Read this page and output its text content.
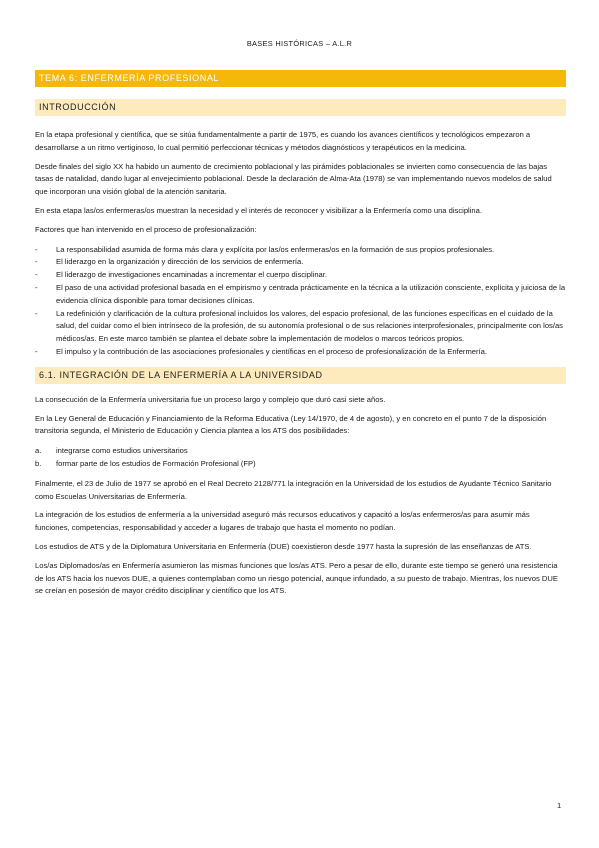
BASES HISTÓRICAS – A.L.R
TEMA 6: ENFERMERÍA PROFESIONAL
INTRODUCCIÓN

En la etapa profesional y científica, que se sitúa fundamentalmente a partir de 1975, es cuando los avances científicos y tecnológicos empezaron a desarrollarse a un ritmo vertiginoso, lo cual permitió perfeccionar técnicas y métodos diagnósticos y terapéuticos en la medicina.

Desde finales del siglo XX ha habido un aumento de crecimiento poblacional y las pirámides poblacionales se invierten como consecuencia de las bajas tasas de natalidad, dando lugar al envejecimiento poblacional. Desde la declaración de Alma-Ata (1978) se van implementando nuevos modelos de salud que incorporan una visión global de la atención sanitaria.

En esta etapa las/os enfermeras/os muestran la necesidad y el interés de reconocer y visibilizar a la Enfermería como una disciplina.

Factores que han intervenido en el proceso de profesionalización:

- La responsabilidad asumida de forma más clara y explícita por las/os enfermeras/os en la formación de sus propios profesionales.
- El liderazgo en la organización y dirección de los servicios de enfermería.
- El liderazgo de investigaciones encaminadas a incrementar el cuerpo disciplinar.
- El paso de una actividad profesional basada en el empirismo y centrada prácticamente en la técnica a la utilización consciente, explícita y juiciosa de la evidencia clínica disponible para tomar decisiones clínicas.
- La redefinición y clarificación de la cultura profesional incluidos los valores, del espacio profesional, de las funciones específicas en el cuidado de la salud, del cuidar como el bien intrínseco de la profesión, de su autonomía profesional o de sus relaciones interprofesionales, principalmente con los/as médicos/as. En este marco también se plantea el debate sobre la implementación de modelos o marcos teóricos propios.
- El impulso y la contribución de las asociaciones profesionales y científicas en el proceso de profesionalización de la Enfermería.
6.1. INTEGRACIÓN DE LA ENFERMERÍA A LA UNIVERSIDAD

La consecución de la Enfermería universitaria fue un proceso largo y complejo que duró casi siete años.

En la Ley General de Educación y Financiamiento de la Reforma Educativa (Ley 14/1970, de 4 de agosto), y en concreto en el punto 7 de la disposición transitoria segunda, el Ministerio de Educación y Ciencia plantea a los ATS dos posibilidades:

a. integrarse como estudios universitarios
b. formar parte de los estudios de Formación Profesional (FP)

Finalmente, el 23 de Julio de 1977 se aprobó en el Real Decreto 2128/771 la integración en la Universidad de los estudios de Ayudante Técnico Sanitario como Escuelas Universitarias de Enfermería.

La integración de los estudios de enfermería a la universidad aseguró más recursos educativos y capacitó a los/as enfermeros/as para asumir más funciones, competencias, responsabilidad y acceder a lugares de trabajo que hasta el momento no podían.

Los estudios de ATS y de la Diplomatura Universitaria en Enfermería (DUE) coexistieron desde 1977 hasta la supresión de las enseñanzas de ATS.

Los/as Diplomados/as en Enfermería asumieron las mismas funciones que los/as ATS. Pero a pesar de ello, durante este tiempo se generó una resistencia de los ATS hacia los nuevos DUE, a quienes contemplaban como un riesgo potencial, aunque infundado, a su puesto de trabajo. Mientras, los nuevos DUE se creían en posesión de mayor crédito disciplinar y científico que los ATS.

1
